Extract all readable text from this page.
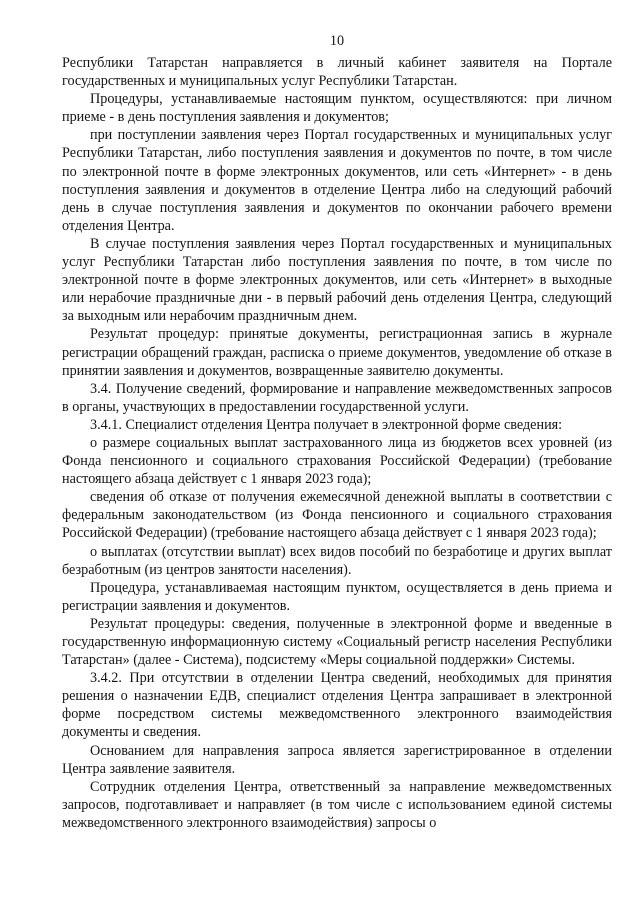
10

Республики Татарстан направляется в личный кабинет заявителя на Портале государственных и муниципальных услуг Республики Татарстан.

Процедуры, устанавливаемые настоящим пунктом, осуществляются: при личном приеме - в день поступления заявления и документов;

при поступлении заявления через Портал государственных и муниципальных услуг Республики Татарстан, либо поступления заявления и документов по почте, в том числе по электронной почте в форме электронных документов, или сеть «Интернет» - в день поступления заявления и документов в отделение Центра либо на следующий рабочий день в случае поступления заявления и документов по окончании рабочего времени отделения Центра.

В случае поступления заявления через Портал государственных и муниципальных услуг Республики Татарстан либо поступления заявления по почте, в том числе по электронной почте в форме электронных документов, или сеть «Интернет» в выходные или нерабочие праздничные дни - в первый рабочий день отделения Центра, следующий за выходным или нерабочим праздничным днем.

Результат процедур: принятые документы, регистрационная запись в журнале регистрации обращений граждан, расписка о приеме документов, уведомление об отказе в принятии заявления и документов, возвращенные заявителю документы.

3.4. Получение сведений, формирование и направление межведомственных запросов в органы, участвующих в предоставлении государственной услуги.

3.4.1. Специалист отделения Центра получает в электронной форме сведения:

о размере социальных выплат застрахованного лица из бюджетов всех уровней (из Фонда пенсионного и социального страхования Российской Федерации) (требование настоящего абзаца действует с 1 января 2023 года);

сведения об отказе от получения ежемесячной денежной выплаты в соответствии с федеральным законодательством (из Фонда пенсионного и социального страхования Российской Федерации) (требование настоящего абзаца действует с 1 января 2023 года);

о выплатах (отсутствии выплат) всех видов пособий по безработице и других выплат безработным (из центров занятости населения).

Процедура, устанавливаемая настоящим пунктом, осуществляется в день приема и регистрации заявления и документов.

Результат процедуры: сведения, полученные в электронной форме и введенные в государственную информационную систему «Социальный регистр населения Республики Татарстан» (далее - Система), подсистему «Меры социальной поддержки» Системы.

3.4.2. При отсутствии в отделении Центра сведений, необходимых для принятия решения о назначении ЕДВ, специалист отделения Центра запрашивает в электронной форме посредством системы межведомственного электронного взаимодействия документы и сведения.

Основанием для направления запроса является зарегистрированное в отделении Центра заявление заявителя.

Сотрудник отделения Центра, ответственный за направление межведомственных запросов, подготавливает и направляет (в том числе с использованием единой системы межведомственного электронного взаимодействия) запросы о
